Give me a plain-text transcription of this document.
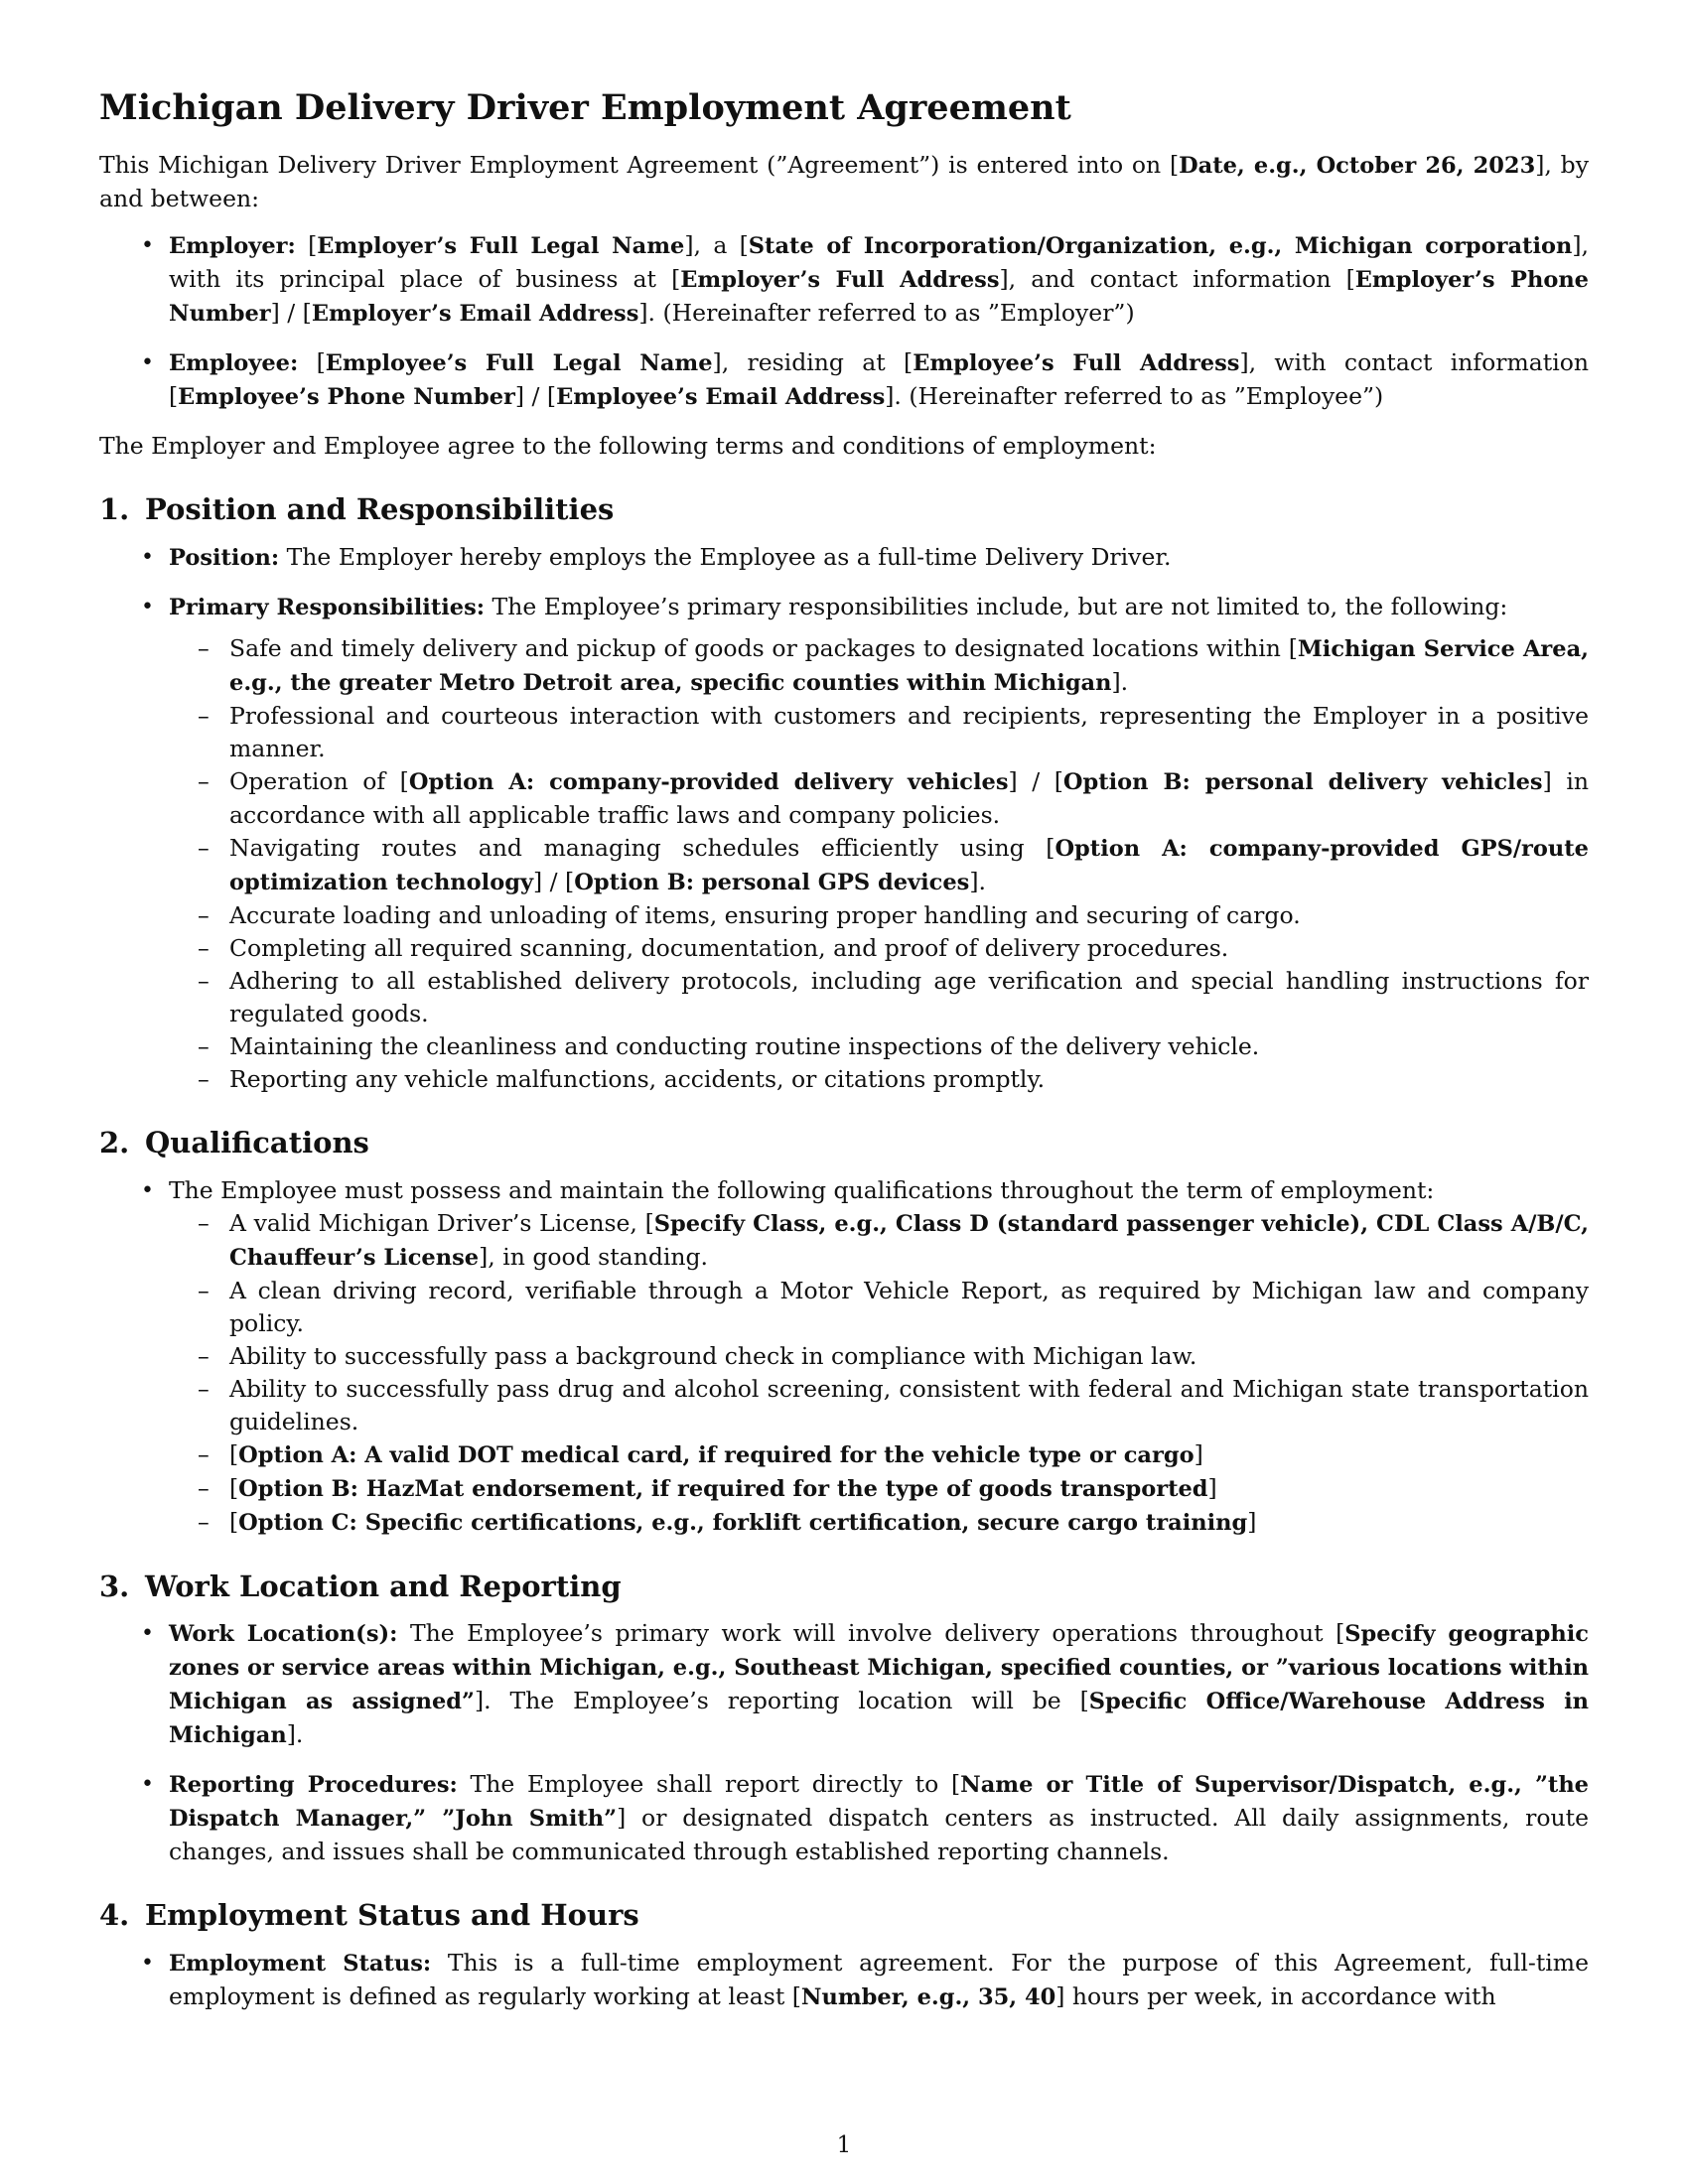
Michigan Delivery Driver Employment Agreement

This Michigan Delivery Driver Employment Agreement (”Agreement”) is entered into on [Date, e.g., October 26, 2023], by and between:

• Employer: [Employer’s Full Legal Name], a [State of Incorporation/Organization, e.g., Michigan corporation], with its principal place of business at [Employer’s Full Address], and contact information [Employer’s Phone Number] / [Employer’s Email Address]. (Hereinafter referred to as ”Employer”)
• Employee: [Employee’s Full Legal Name], residing at [Employee’s Full Address], with contact information [Employee’s Phone Number] / [Employee’s Email Address]. (Hereinafter referred to as ”Employee”)

The Employer and Employee agree to the following terms and conditions of employment:

1. Position and Responsibilities
• Position: The Employer hereby employs the Employee as a full-time Delivery Driver.
• Primary Responsibilities: The Employee’s primary responsibilities include, but are not limited to, the following:
– Safe and timely delivery and pickup of goods or packages to designated locations within [Michigan Service Area, e.g., the greater Metro Detroit area, specific counties within Michigan].
– Professional and courteous interaction with customers and recipients, representing the Employer in a positive manner.
– Operation of [Option A: company-provided delivery vehicles] / [Option B: personal delivery vehicles] in accordance with all applicable traffic laws and company policies.
– Navigating routes and managing schedules efficiently using [Option A: company-provided GPS/route optimization technology] / [Option B: personal GPS devices].
– Accurate loading and unloading of items, ensuring proper handling and securing of cargo.
– Completing all required scanning, documentation, and proof of delivery procedures.
– Adhering to all established delivery protocols, including age verification and special handling instructions for regulated goods.
– Maintaining the cleanliness and conducting routine inspections of the delivery vehicle.
– Reporting any vehicle malfunctions, accidents, or citations promptly.
2. Qualifications
• The Employee must possess and maintain the following qualifications throughout the term of employment:
– A valid Michigan Driver’s License, [Specify Class, e.g., Class D (standard passenger vehicle), CDL Class A/B/C, Chauffeur’s License], in good standing.
– A clean driving record, verifiable through a Motor Vehicle Report, as required by Michigan law and company policy.
– Ability to successfully pass a background check in compliance with Michigan law.
– Ability to successfully pass drug and alcohol screening, consistent with federal and Michigan state transportation guidelines.
– [Option A: A valid DOT medical card, if required for the vehicle type or cargo]
– [Option B: HazMat endorsement, if required for the type of goods transported]
– [Option C: Specific certifications, e.g., forklift certification, secure cargo training]
3. Work Location and Reporting
• Work Location(s): The Employee’s primary work will involve delivery operations throughout [Specify geographic zones or service areas within Michigan, e.g., Southeast Michigan, specified counties, or ”various locations within Michigan as assigned”]. The Employee’s reporting location will be [Specific Office/Warehouse Address in Michigan].
• Reporting Procedures: The Employee shall report directly to [Name or Title of Supervisor/Dispatch, e.g., ”the Dispatch Manager,” ”John Smith”] or designated dispatch centers as instructed. All daily assignments, route changes, and issues shall be communicated through established reporting channels.
4. Employment Status and Hours
• Employment Status: This is a full-time employment agreement. For the purpose of this Agreement, full-time employment is defined as regularly working at least [Number, e.g., 35, 40] hours per week, in accordance with
1
